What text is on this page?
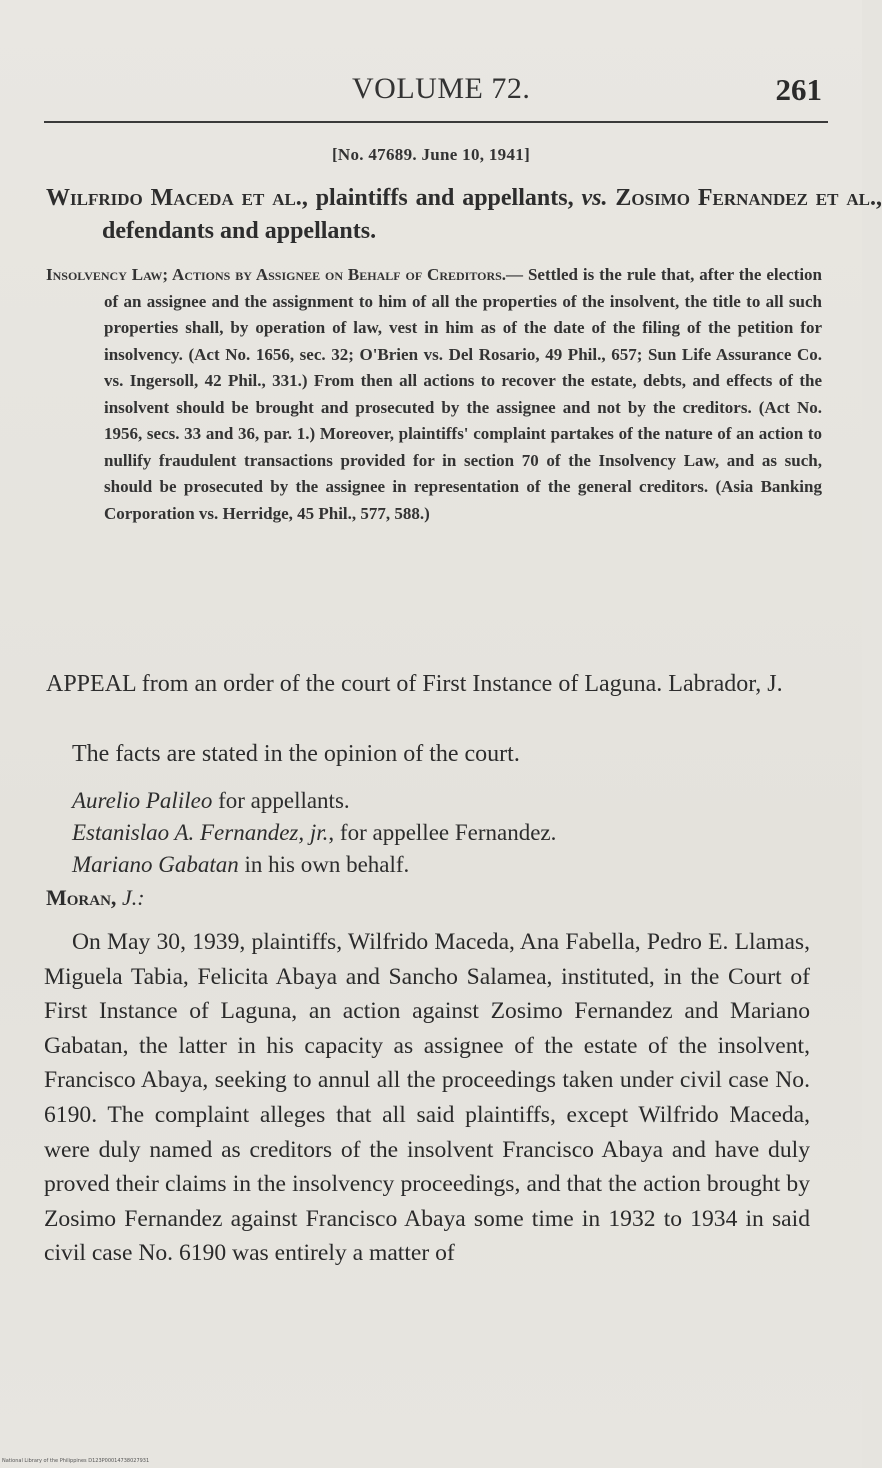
VOLUME 72.	261
[No. 47689. June 10, 1941]
Wilfrido Maceda et al., plaintiffs and appellants, vs. Zosimo Fernandez et al., defendants and appellants.
Insolvency Law; Actions by Assignee on Behalf of Creditors.— Settled is the rule that, after the election of an assignee and the assignment to him of all the properties of the insolvent, the title to all such properties shall, by operation of law, vest in him as of the date of the filing of the petition for insolvency. (Act No. 1656, sec. 32; O'Brien vs. Del Rosario, 49 Phil., 657; Sun Life Assurance Co. vs. Ingersoll, 42 Phil., 331.) From then all actions to recover the estate, debts, and effects of the insolvent should be brought and prosecuted by the assignee and not by the creditors. (Act No. 1956, secs. 33 and 36, par. 1.) Moreover, plaintiffs' complaint partakes of the nature of an action to nullify fraudulent transactions provided for in section 70 of the Insolvency Law, and as such, should be prosecuted by the assignee in representation of the general creditors. (Asia Banking Corporation vs. Herridge, 45 Phil., 577, 588.)
APPEAL from an order of the court of First Instance of Laguna. Labrador, J.
The facts are stated in the opinion of the court.
Aurelio Palileo for appellants.
Estanislao A. Fernandez, jr., for appellee Fernandez.
Mariano Gabatan in his own behalf.
Moran, J.:
On May 30, 1939, plaintiffs, Wilfrido Maceda, Ana Fabella, Pedro E. Llamas, Miguela Tabia, Felicita Abaya and Sancho Salamea, instituted, in the Court of First Instance of Laguna, an action against Zosimo Fernandez and Mariano Gabatan, the latter in his capacity as assignee of the estate of the insolvent, Francisco Abaya, seeking to annul all the proceedings taken under civil case No. 6190. The complaint alleges that all said plaintiffs, except Wilfrido Maceda, were duly named as creditors of the insolvent Francisco Abaya and have duly proved their claims in the insolvency proceedings, and that the action brought by Zosimo Fernandez against Francisco Abaya some time in 1932 to 1934 in said civil case No. 6190 was entirely a matter of
National Library of the Philippines D123P00014738027931
